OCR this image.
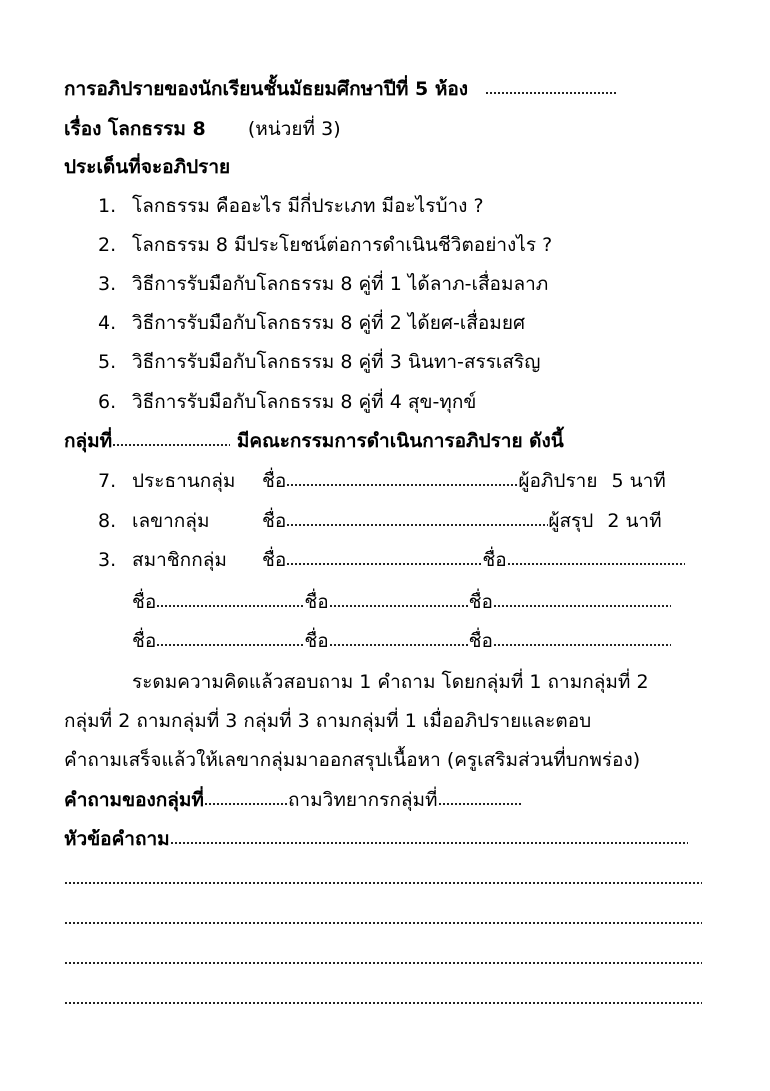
การอภิปรายของนักเรียนชั้นมัธยมศึกษาปีที่ 5 ห้อง
เรื่อง โลกธรรม 8 (หน่วยที่ 3)
ประเด็นที่จะอภิปราย
1. โลกธรรม คืออะไร มีกี่ประเภท มีอะไรบ้าง ?
2. โลกธรรม 8 มีประโยชน์ต่อการดำเนินชีวิตอย่างไร ?
3. วิธีการรับมือกับโลกธรรม 8 คู่ที่ 1 ได้ลาภ-เสื่อมลาภ
4. วิธีการรับมือกับโลกธรรม 8 คู่ที่ 2 ได้ยศ-เสื่อมยศ
5. วิธีการรับมือกับโลกธรรม 8 คู่ที่ 3 นินทา-สรรเสริญ
6. วิธีการรับมือกับโลกธรรม 8 คู่ที่ 4 สุข-ทุกข์
กลุ่มที่	มีคณะกรรมการดำเนินการอภิปราย ดังนี้
7. ประธานกลุ่ม ชื่อ	ผู้อภิปราย 5 นาที
8. เลขากลุ่ม	ชื่อ	ผู้สรุป 2 นาที
3. สมาชิกกลุ่ม ชื่อ	ชื่อ
ชื่อ	ชื่อ	ชื่อ
ชื่อ	ชื่อ	ชื่อ
ระดมความคิดแล้วสอบถาม 1 คำถาม โดยกลุ่มที่ 1 ถามกลุ่มที่ 2
กลุ่มที่ 2 ถามกลุ่มที่ 3 กลุ่มที่ 3 ถามกลุ่มที่ 1 เมื่ออภิปรายและตอบ
คำถามเสร็จแล้วให้เลขากลุ่มมาออกสรุปเนื้อหา (ครูเสริมส่วนที่บกพร่อง)
คำถามของกลุ่มที่	ถามวิทยากรกลุ่มที่
หัวข้อคำถาม
